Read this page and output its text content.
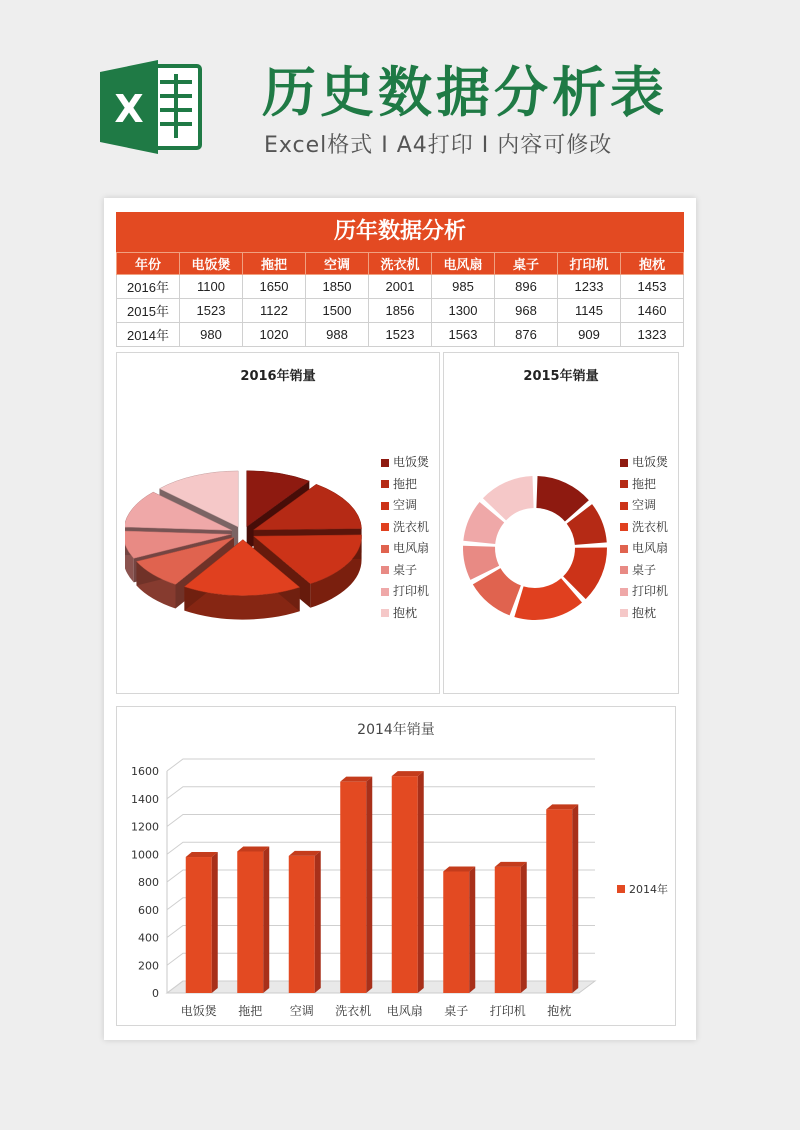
X 历史数据分析表
Excel格式 I A4打印 I 内容可修改
历年数据分析
年份	电饭煲	拖把	空调	洗衣机	电风扇	桌子	打印机	抱枕
2016年	1100	1650	1850	2001	985	896	1233	1453
2015年	1523	1122	1500	1856	1300	968	1145	1460
2014年	980	1020	988	1523	1563	876	909	1323
2016年销量
电饭煲
拖把
空调
洗衣机
电风扇
桌子
打印机
抱枕
2015年销量
电饭煲
拖把
空调
洗衣机
电风扇
桌子
打印机
抱枕
2014年销量
0
200
400
600
800
1000
1200
1400
1600
电饭煲 拖把 空调 洗衣机 电风扇 桌子 打印机 抱枕
2014年
